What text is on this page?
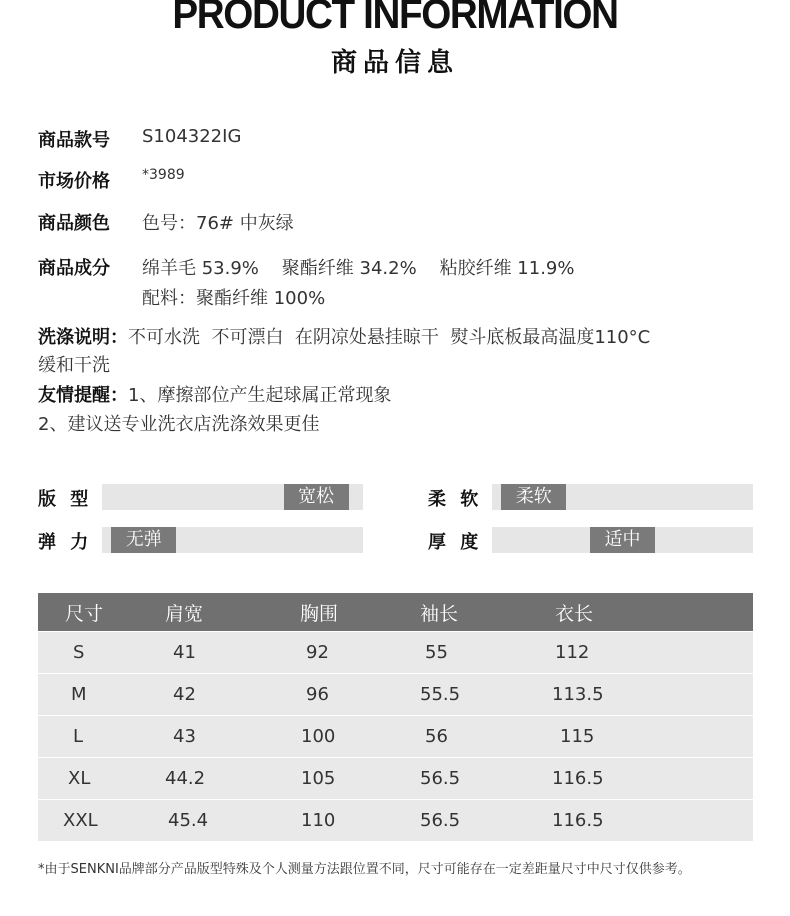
PRODUCT INFORMATION
商品信息
商品款号 S104322IG
市场价格 *3989
商品颜色 色号：76# 中灰绿
商品成分 绵羊毛 53.9%    聚酯纤维 34.2%    粘胶纤维 11.9%
配料：聚酯纤维 100%
洗涤说明：不可水洗  不可漂白  在阴凉处悬挂晾干  熨斗底板最高温度110°C
缓和干洗
友情提醒：1、摩擦部位产生起球属正常现象
2、建议送专业洗衣店洗涤效果更佳
版 型	宽松	柔 软	柔软
弹 力	无弹	厚 度	适中
尺寸	肩宽	胸围	袖长	衣长
S	41	92	55	112
M	42	96	55.5	113.5
L	43	100	56	115
XL	44.2	105	56.5	116.5
XXL	45.4	110	56.5	116.5
*由于SENKNI品牌部分产品版型特殊及个人测量方法跟位置不同，尺寸可能存在一定差距量尺寸中尺寸仅供参考。
